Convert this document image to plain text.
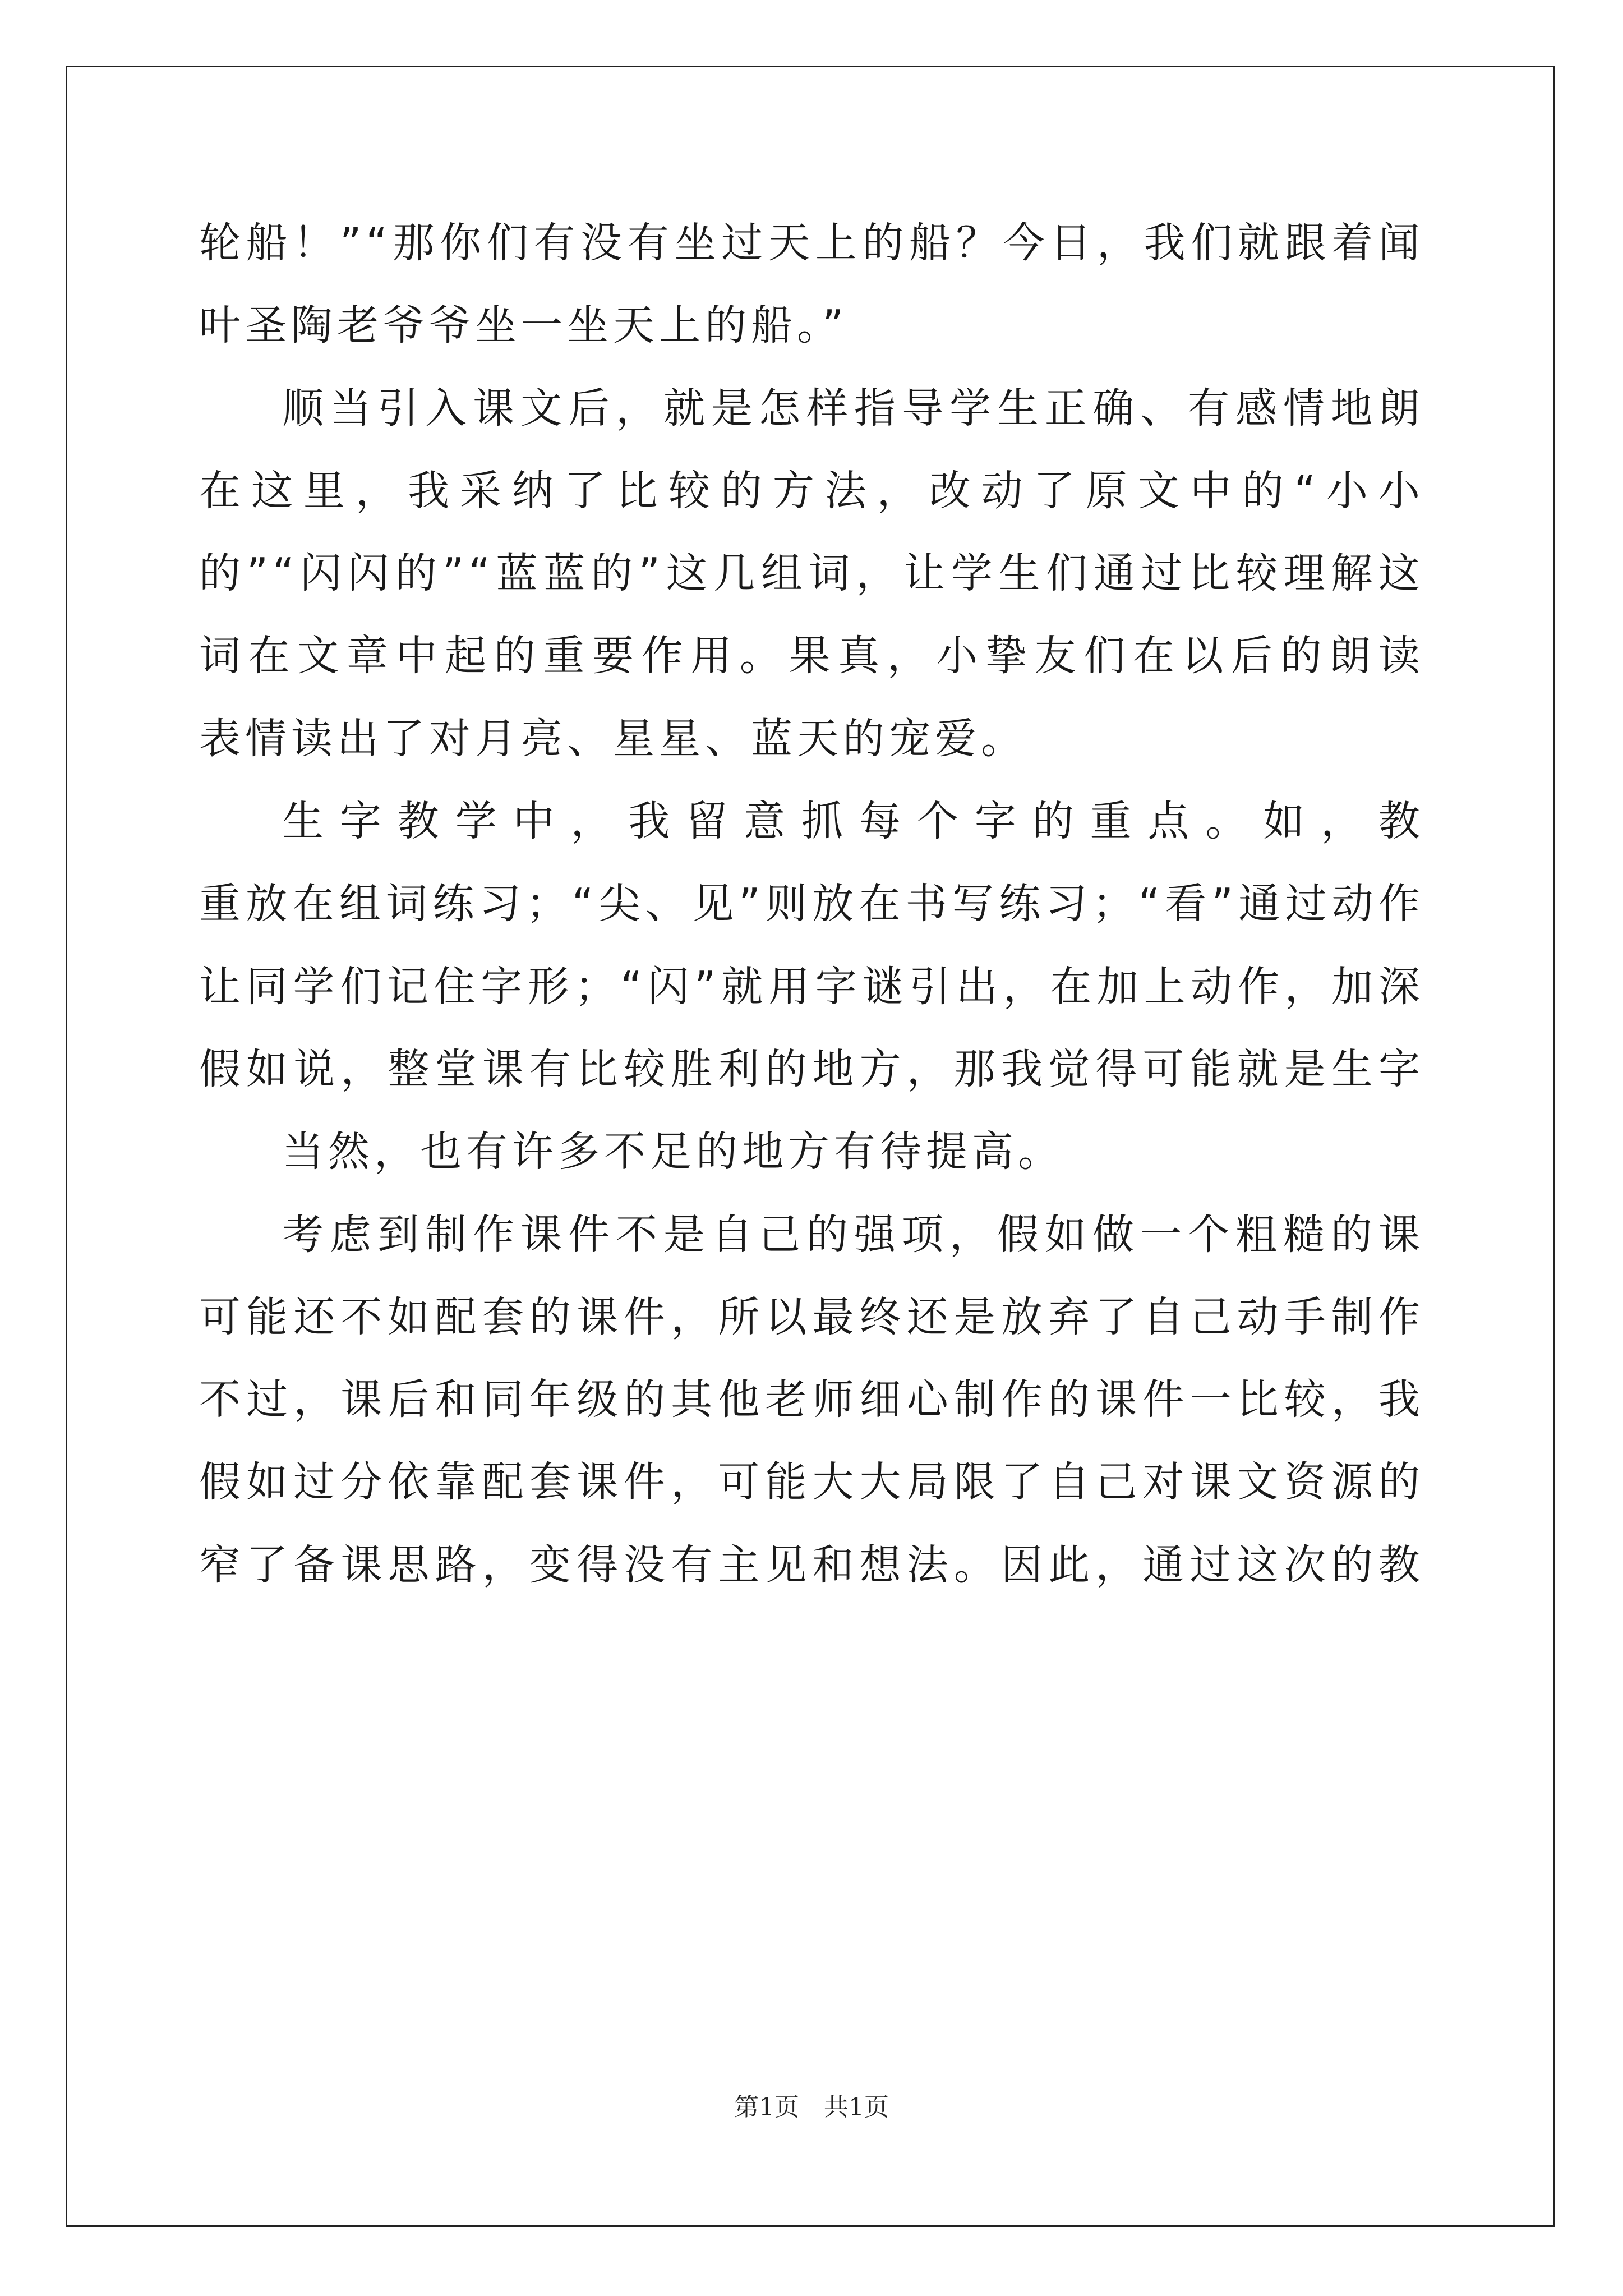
轮船！”“那你们有没有坐过天上的船？今日，我们就跟着闻
叶圣陶老爷爷坐一坐天上的船。”
顺当引入课文后，就是怎样指导学生正确、有感情地朗
在这里，我采纳了比较的方法，改动了原文中的“小小
的”“闪闪的”“蓝蓝的”这几组词，让学生们通过比较理解这
词在文章中起的重要作用。果真，小挚友们在以后的朗读
表情读出了对月亮、星星、蓝天的宠爱。
生字教学中，我留意抓每个字的重点。如，教
重放在组词练习；“尖、见”则放在书写练习；“看”通过动作
让同学们记住字形；“闪”就用字谜引出，在加上动作，加深
假如说，整堂课有比较胜利的地方，那我觉得可能就是生字
当然，也有许多不足的地方有待提高。
考虑到制作课件不是自己的强项，假如做一个粗糙的课
可能还不如配套的课件，所以最终还是放弃了自己动手制作
不过，课后和同年级的其他老师细心制作的课件一比较，我
假如过分依靠配套课件，可能大大局限了自己对课文资源的
窄了备课思路，变得没有主见和想法。因此，通过这次的教
第1页　共1页
